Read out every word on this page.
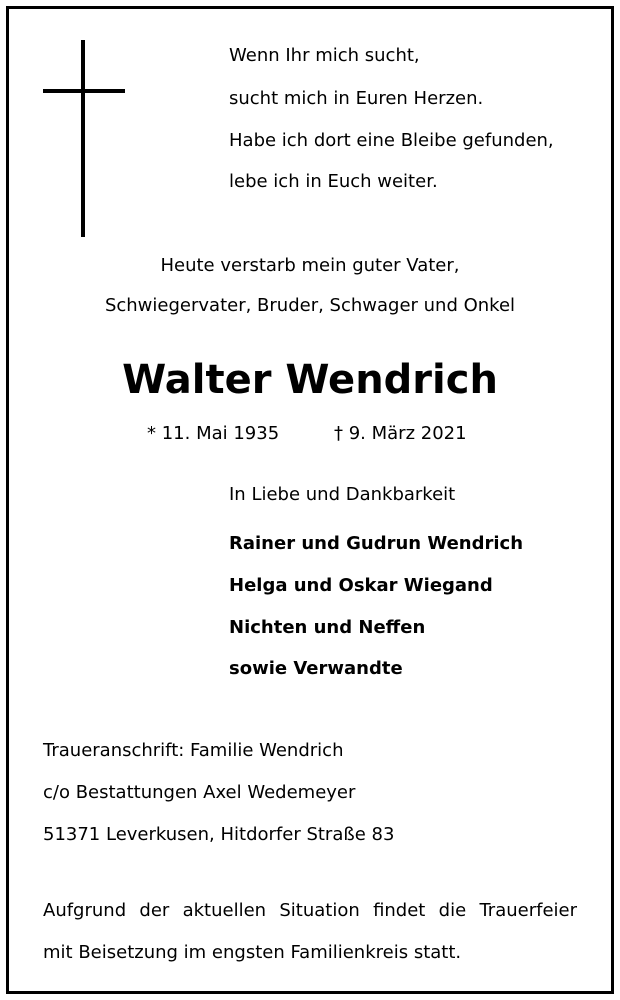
Wenn Ihr mich sucht,
sucht mich in Euren Herzen.
Habe ich dort eine Bleibe gefunden,
lebe ich in Euch weiter.
Heute verstarb mein guter Vater,
Schwiegervater, Bruder, Schwager und Onkel
Walter Wendrich
* 11. Mai 1935	† 9. März 2021
In Liebe und Dankbarkeit
Rainer und Gudrun Wendrich
Helga und Oskar Wiegand
Nichten und Neffen
sowie Verwandte
Traueranschrift: Familie Wendrich
c/o Bestattungen Axel Wedemeyer
51371 Leverkusen, Hitdorfer Straße 83
Aufgrund der aktuellen Situation findet die Trauerfeier
mit Beisetzung im engsten Familienkreis statt.
